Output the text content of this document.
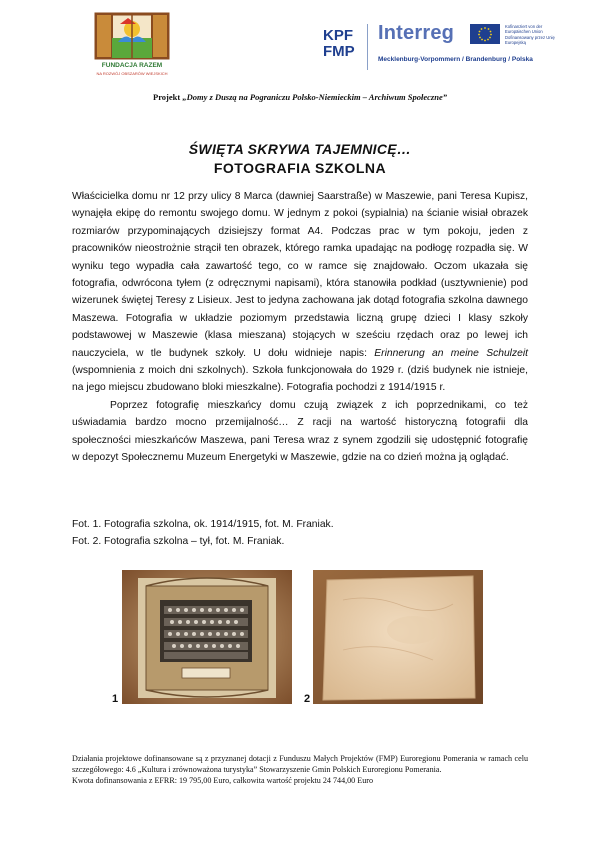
FUNDACJA RAZEM
NA ROZWÓJ OBSZARÓW WIEJSKICH
KPF
FMP
Interreg	Kofinanziert von der Europäischen Union Dofinansowany przez Unię Europejską
Mecklenburg-Vorpommern / Brandenburg / Polska
Projekt „Domy z Duszą na Pograniczu Polsko-Niemieckim – Archiwum Społeczne”
ŚWIĘTA SKRYWA TAJEMNICĘ…
FOTOGRAFIA SZKOLNA

Właścicielka domu nr 12 przy ulicy 8 Marca (dawniej Saarstraße) w Maszewie, pani Teresa Kupisz, wynajęła ekipę do remontu swojego domu. W jednym z pokoi (sypialnia) na ścianie wisiał obrazek rozmiarów przypominających dzisiejszy format A4. Podczas prac w tym pokoju, jeden z pracowników nieostrożnie strącił ten obrazek, którego ramka upadając na podłogę rozpadła się. W wyniku tego wypadła cała zawartość tego, co w ramce się znajdowało. Oczom ukazała się fotografia, odwrócona tyłem (z odręcznymi napisami), która stanowiła podkład (usztywnienie) pod wizerunek świętej Teresy z Lisieux. Jest to jedyna zachowana jak dotąd fotografia szkolna dawnego Maszewa. Fotografia w układzie poziomym przedstawia liczną grupę dzieci I klasy szkoły podstawowej w Maszewie (klasa mieszana) stojących w sześciu rzędach oraz po lewej ich nauczyciela, w tle budynek szkoły. U dołu widnieje napis: Erinnerung an meine Schulzeit (wspomnienia z moich dni szkolnych). Szkoła funkcjonowała do 1929 r. (dziś budynek nie istnieje, na jego miejscu zbudowano bloki mieszkalne). Fotografia pochodzi z 1914/1915 r.

Poprzez fotografię mieszkańcy domu czują związek z ich poprzednikami, co też uświadamia bardzo mocno przemijalność… Z racji na wartość historyczną fotografii dla społeczności mieszkańców Maszewa, pani Teresa wraz z synem zgodzili się udostępnić fotografię w depozyt Społecznemu Muzeum Energetyki w Maszewie, gdzie na co dzień można ją oglądać.

Fot. 1. Fotografia szkolna, ok. 1914/1915, fot. M. Franiak.
Fot. 2. Fotografia szkolna – tył, fot. M. Franiak.
1	2

Działania projektowe dofinansowane są z przyznanej dotacji z Funduszu Małych Projektów (FMP) Euroregionu Pomerania w ramach celu szczegółowego: 4.6 „Kultura i zrównoważona turystyka” Stowarzyszenie Gmin Polskich Euroregionu Pomerania.

Kwota dofinansowania z EFRR: 19 795,00 Euro, całkowita wartość projektu 24 744,00 Euro
